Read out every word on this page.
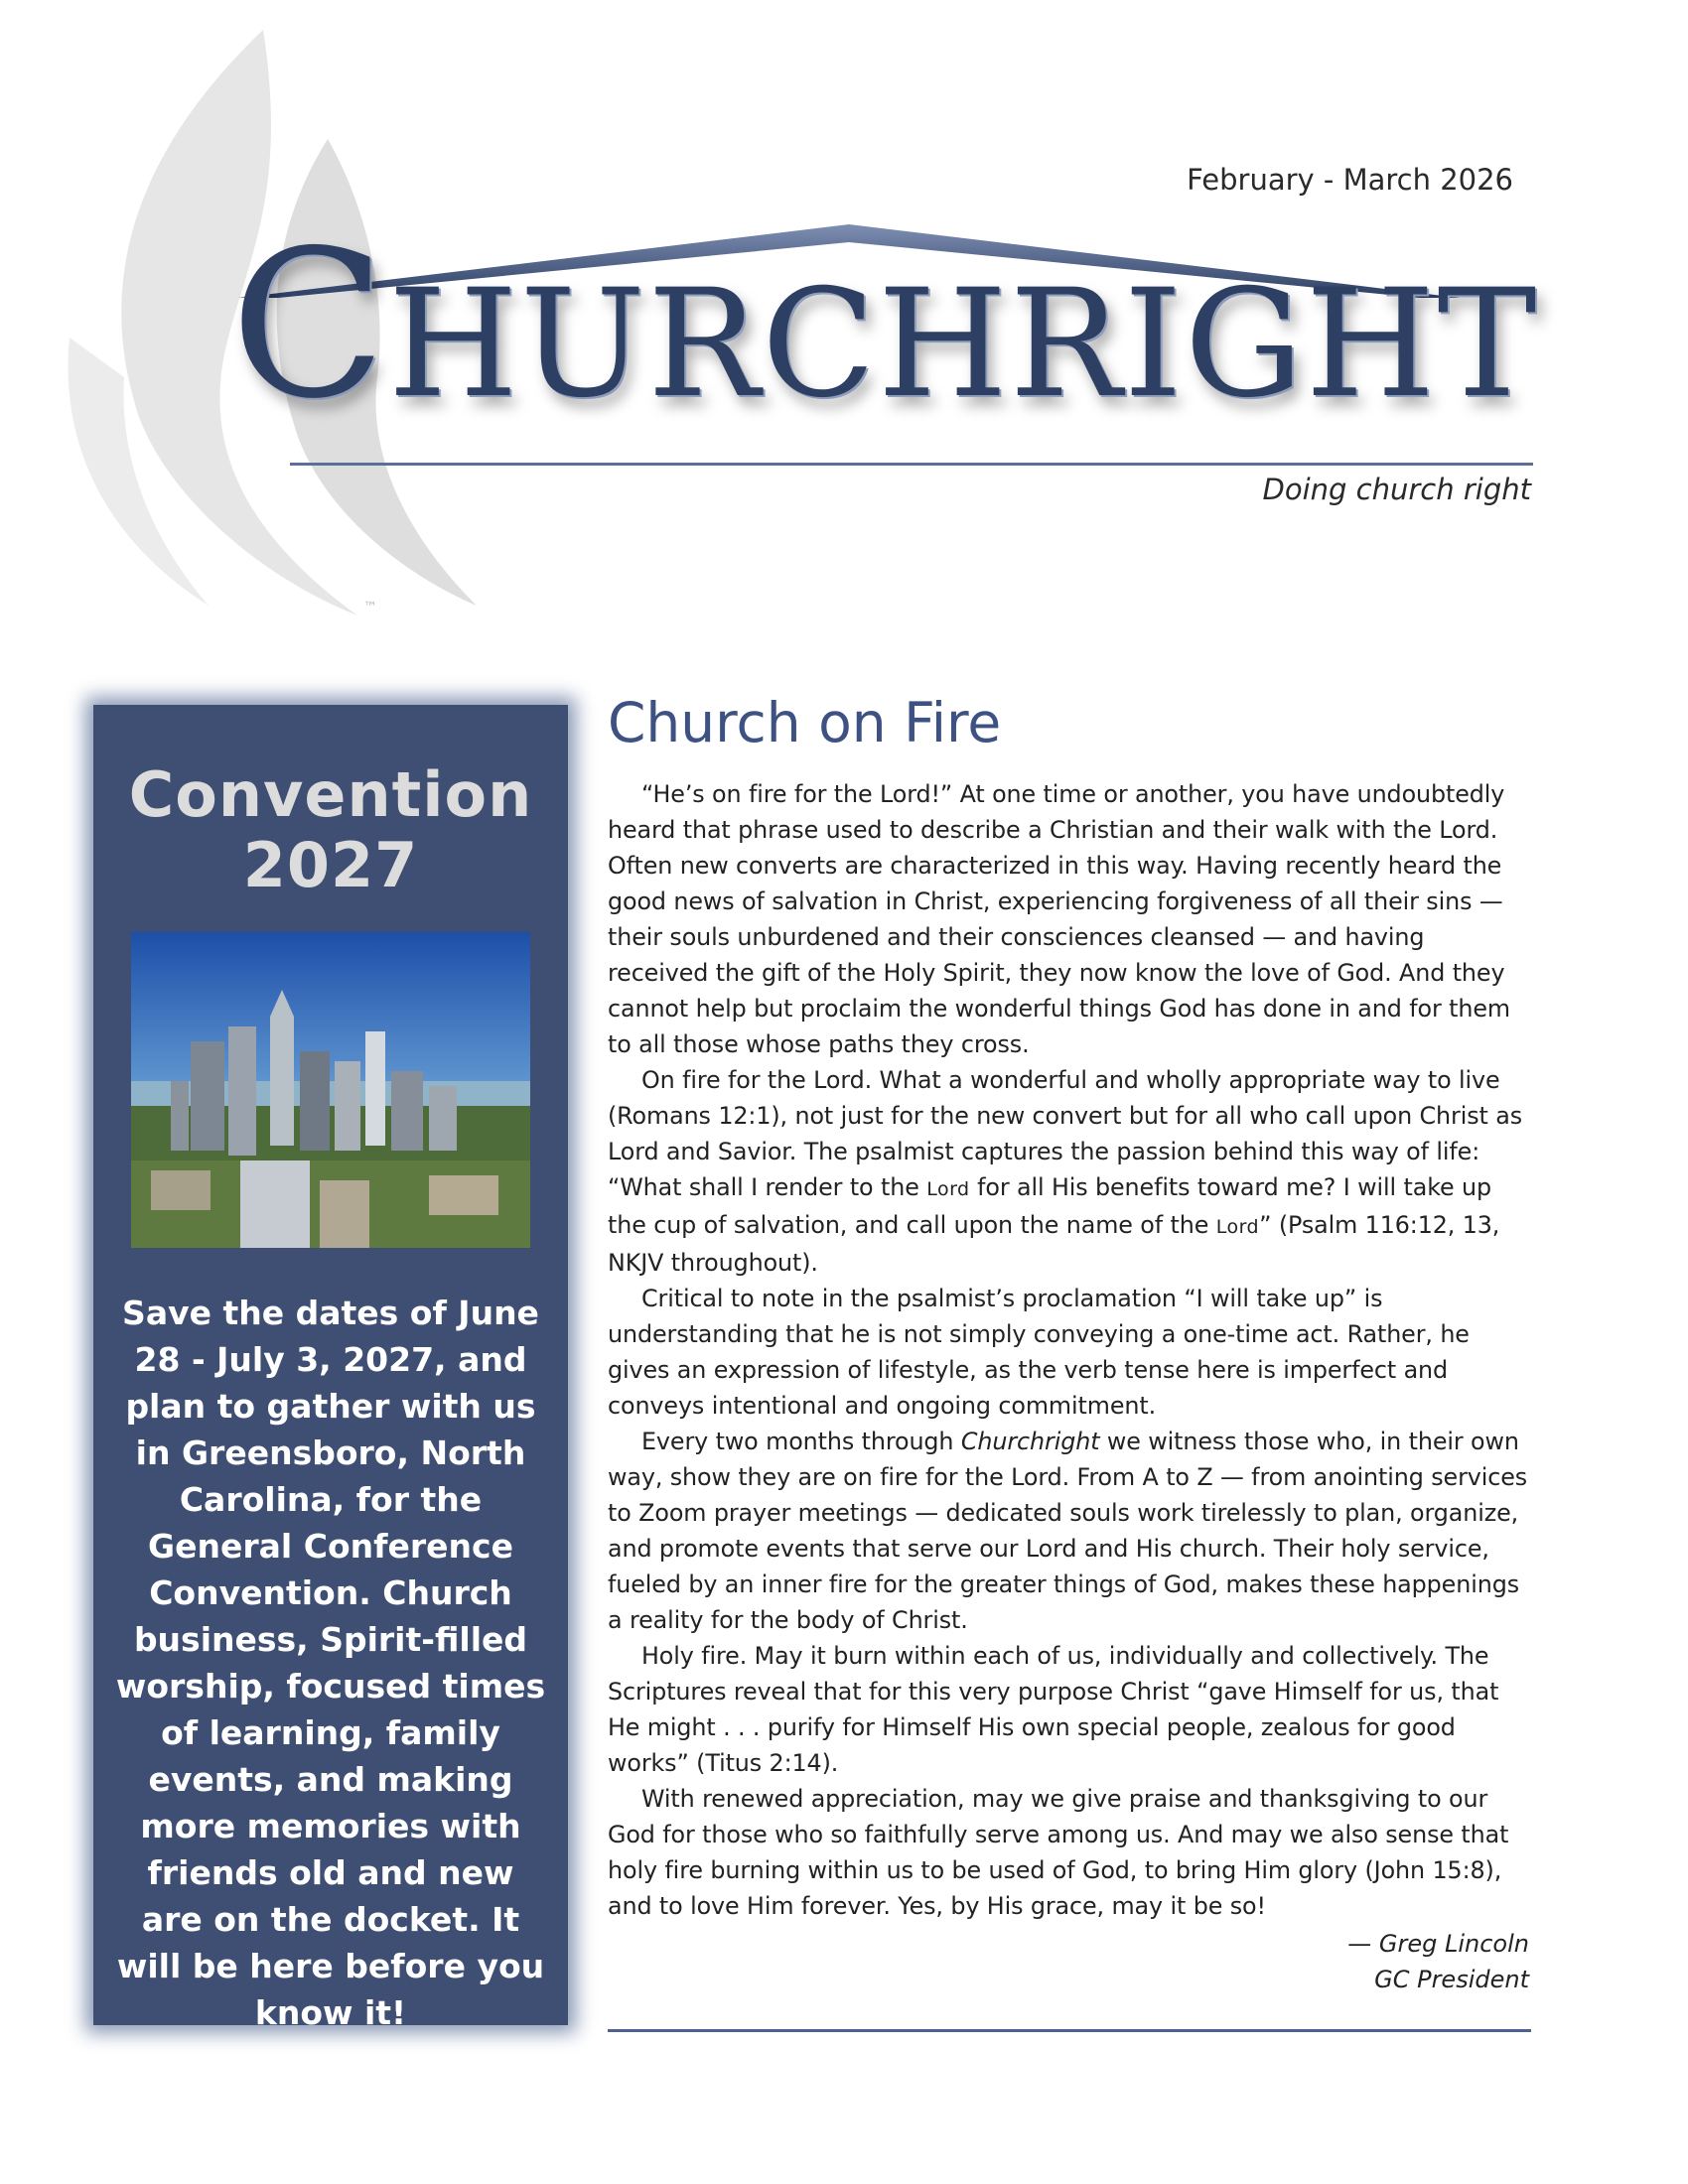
™
February - March 2026
CHURCHRIGHT
Doing church right
Convention 2027
Save the dates of June 28 - July 3, 2027, and plan to gather with us in Greensboro, North Carolina, for the General Conference Convention. Church business, Spirit-filled worship, focused times of learning, family events, and making more memories with friends old and new are on the docket. It will be here before you know it!
Church on Fire

“He’s on fire for the Lord!” At one time or another, you have undoubtedly heard that phrase used to describe a Christian and their walk with the Lord. Often new converts are characterized in this way. Having recently heard the good news of salvation in Christ, experiencing forgiveness of all their sins — their souls unburdened and their consciences cleansed — and having received the gift of the Holy Spirit, they now know the love of God. And they cannot help but proclaim the wonderful things God has done in and for them to all those whose paths they cross.

On fire for the Lord. What a wonderful and wholly appropriate way to live (Romans 12:1), not just for the new convert but for all who call upon Christ as Lord and Savior. The psalmist captures the passion behind this way of life: “What shall I render to the Lord for all His benefits toward me? I will take up the cup of salvation, and call upon the name of the Lord” (Psalm 116:12, 13, NKJV throughout).

Critical to note in the psalmist’s proclamation “I will take up” is understanding that he is not simply conveying a one-time act. Rather, he gives an expression of lifestyle, as the verb tense here is imperfect and conveys intentional and ongoing commitment.

Every two months through Churchright we witness those who, in their own way, show they are on fire for the Lord. From A to Z — from anointing services to Zoom prayer meetings — dedicated souls work tirelessly to plan, organize, and promote events that serve our Lord and His church. Their holy service, fueled by an inner fire for the greater things of God, makes these happenings a reality for the body of Christ.

Holy fire. May it burn within each of us, individually and collectively. The Scriptures reveal that for this very purpose Christ “gave Himself for us, that He might . . . purify for Himself His own special people, zealous for good works” (Titus 2:14).

With renewed appreciation, may we give praise and thanksgiving to our God for those who so faithfully serve among us. And may we also sense that holy fire burning within us to be used of God, to bring Him glory (John 15:8), and to love Him forever. Yes, by His grace, may it be so!

— Greg Lincoln
GC President
